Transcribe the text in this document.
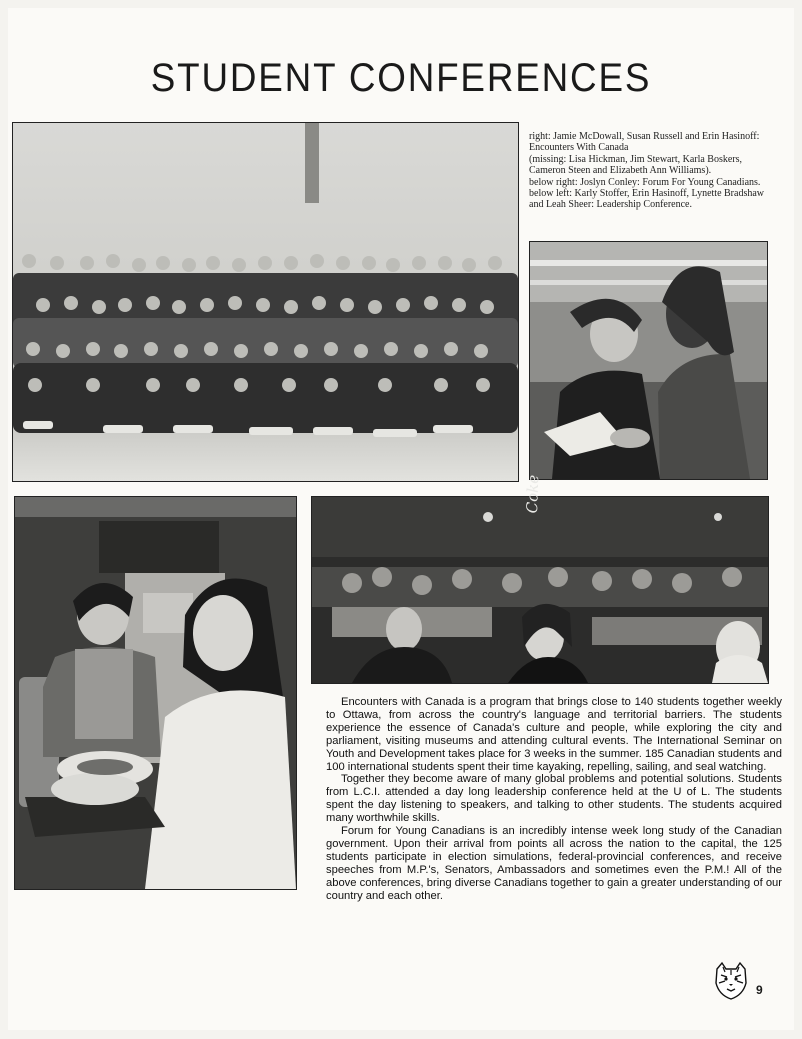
STUDENT CONFERENCES

right: Jamie McDowall, Susan Russell and Erin Hasinoff: Encounters With Canada

(missing: Lisa Hickman, Jim Stewart, Karla Boskers, Cameron Steen and Elizabeth Ann Williams).

below right: Joslyn Conley: Forum For Young Canadians.

below left: Karly Stoffer, Erin Hasinoff, Lynette Bradshaw and Leah Sheer: Leadership Conference.

Coke

Encounters with Canada is a program that brings close to 140 students together weekly to Ottawa, from across the country's language and territorial barriers. The students experience the essence of Canada's culture and people, while exploring the city and parliament, visiting museums and attending cultural events. The International Seminar on Youth and Development takes place for 3 weeks in the summer. 185 Canadian students and 100 international students spent their time kayaking, repelling, sailing, and seal watching.

Together they become aware of many global problems and potential solutions. Students from L.C.I. attended a day long leadership conference held at the U of L. The students spent the day listening to speakers, and talking to other students. The students acquired many worthwhile skills.

Forum for Young Canadians is an incredibly intense week long study of the Canadian government. Upon their arrival from points all across the nation to the capital, the 125 students participate in election simulations, federal-provincial conferences, and receive speeches from M.P.'s, Senators, Ambassadors and sometimes even the P.M.! All of the above conferences, bring diverse Canadians together to gain a greater understanding of our country and each other.

9
